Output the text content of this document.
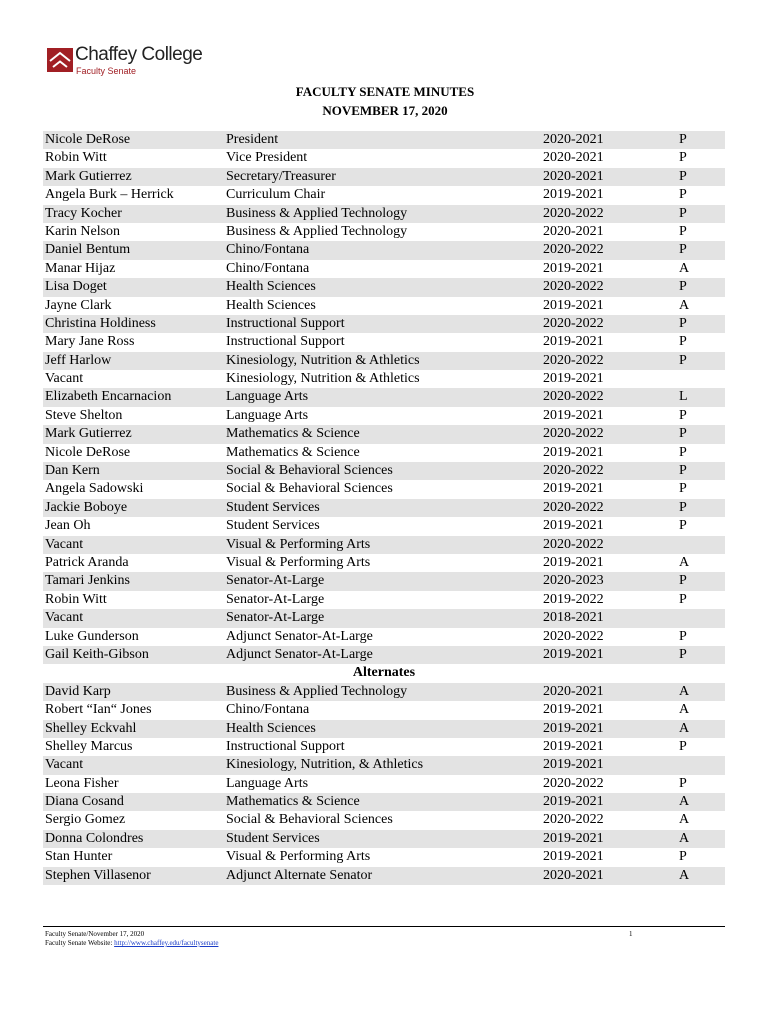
Chaffey College
Faculty Senate
FACULTY SENATE MINUTES
NOVEMBER 17, 2020
Nicole DeRose	President	2020-2021	P
Robin Witt	Vice President	2020-2021	P
Mark Gutierrez	Secretary/Treasurer	2020-2021	P
Angela Burk – Herrick	Curriculum Chair	2019-2021	P
Tracy Kocher	Business & Applied Technology	2020-2022	P
Karin Nelson	Business & Applied Technology	2020-2021	P
Daniel Bentum	Chino/Fontana	2020-2022	P
Manar Hijaz	Chino/Fontana	2019-2021	A
Lisa Doget	Health Sciences	2020-2022	P
Jayne Clark	Health Sciences	2019-2021	A
Christina Holdiness	Instructional Support	2020-2022	P
Mary Jane Ross	Instructional Support	2019-2021	P
Jeff Harlow	Kinesiology, Nutrition & Athletics	2020-2022	P
Vacant	Kinesiology, Nutrition & Athletics	2019-2021
Elizabeth Encarnacion	Language Arts	2020-2022	L
Steve Shelton	Language Arts	2019-2021	P
Mark Gutierrez	Mathematics & Science	2020-2022	P
Nicole DeRose	Mathematics & Science	2019-2021	P
Dan Kern	Social & Behavioral Sciences	2020-2022	P
Angela Sadowski	Social & Behavioral Sciences	2019-2021	P
Jackie Boboye	Student Services	2020-2022	P
Jean Oh	Student Services	2019-2021	P
Vacant	Visual & Performing Arts	2020-2022
Patrick Aranda	Visual & Performing Arts	2019-2021	A
Tamari Jenkins	Senator-At-Large	2020-2023	P
Robin Witt	Senator-At-Large	2019-2022	P
Vacant	Senator-At-Large	2018-2021
Luke Gunderson	Adjunct Senator-At-Large	2020-2022	P
Gail Keith-Gibson	Adjunct Senator-At-Large	2019-2021	P
Alternates
David Karp	Business & Applied Technology	2020-2021	A
Robert “Ian“ Jones	Chino/Fontana	2019-2021	A
Shelley Eckvahl	Health Sciences	2019-2021	A
Shelley Marcus	Instructional Support	2019-2021	P
Vacant	Kinesiology, Nutrition, & Athletics	2019-2021
Leona Fisher	Language Arts	2020-2022	P
Diana Cosand	Mathematics & Science	2019-2021	A
Sergio Gomez	Social & Behavioral Sciences	2020-2022	A
Donna Colondres	Student Services	2019-2021	A
Stan Hunter	Visual & Performing Arts	2019-2021	P
Stephen Villasenor	Adjunct Alternate Senator	2020-2021	A
Faculty Senate/November 17, 2020
Faculty Senate Website: http://www.chaffey.edu/facultysenate
1
